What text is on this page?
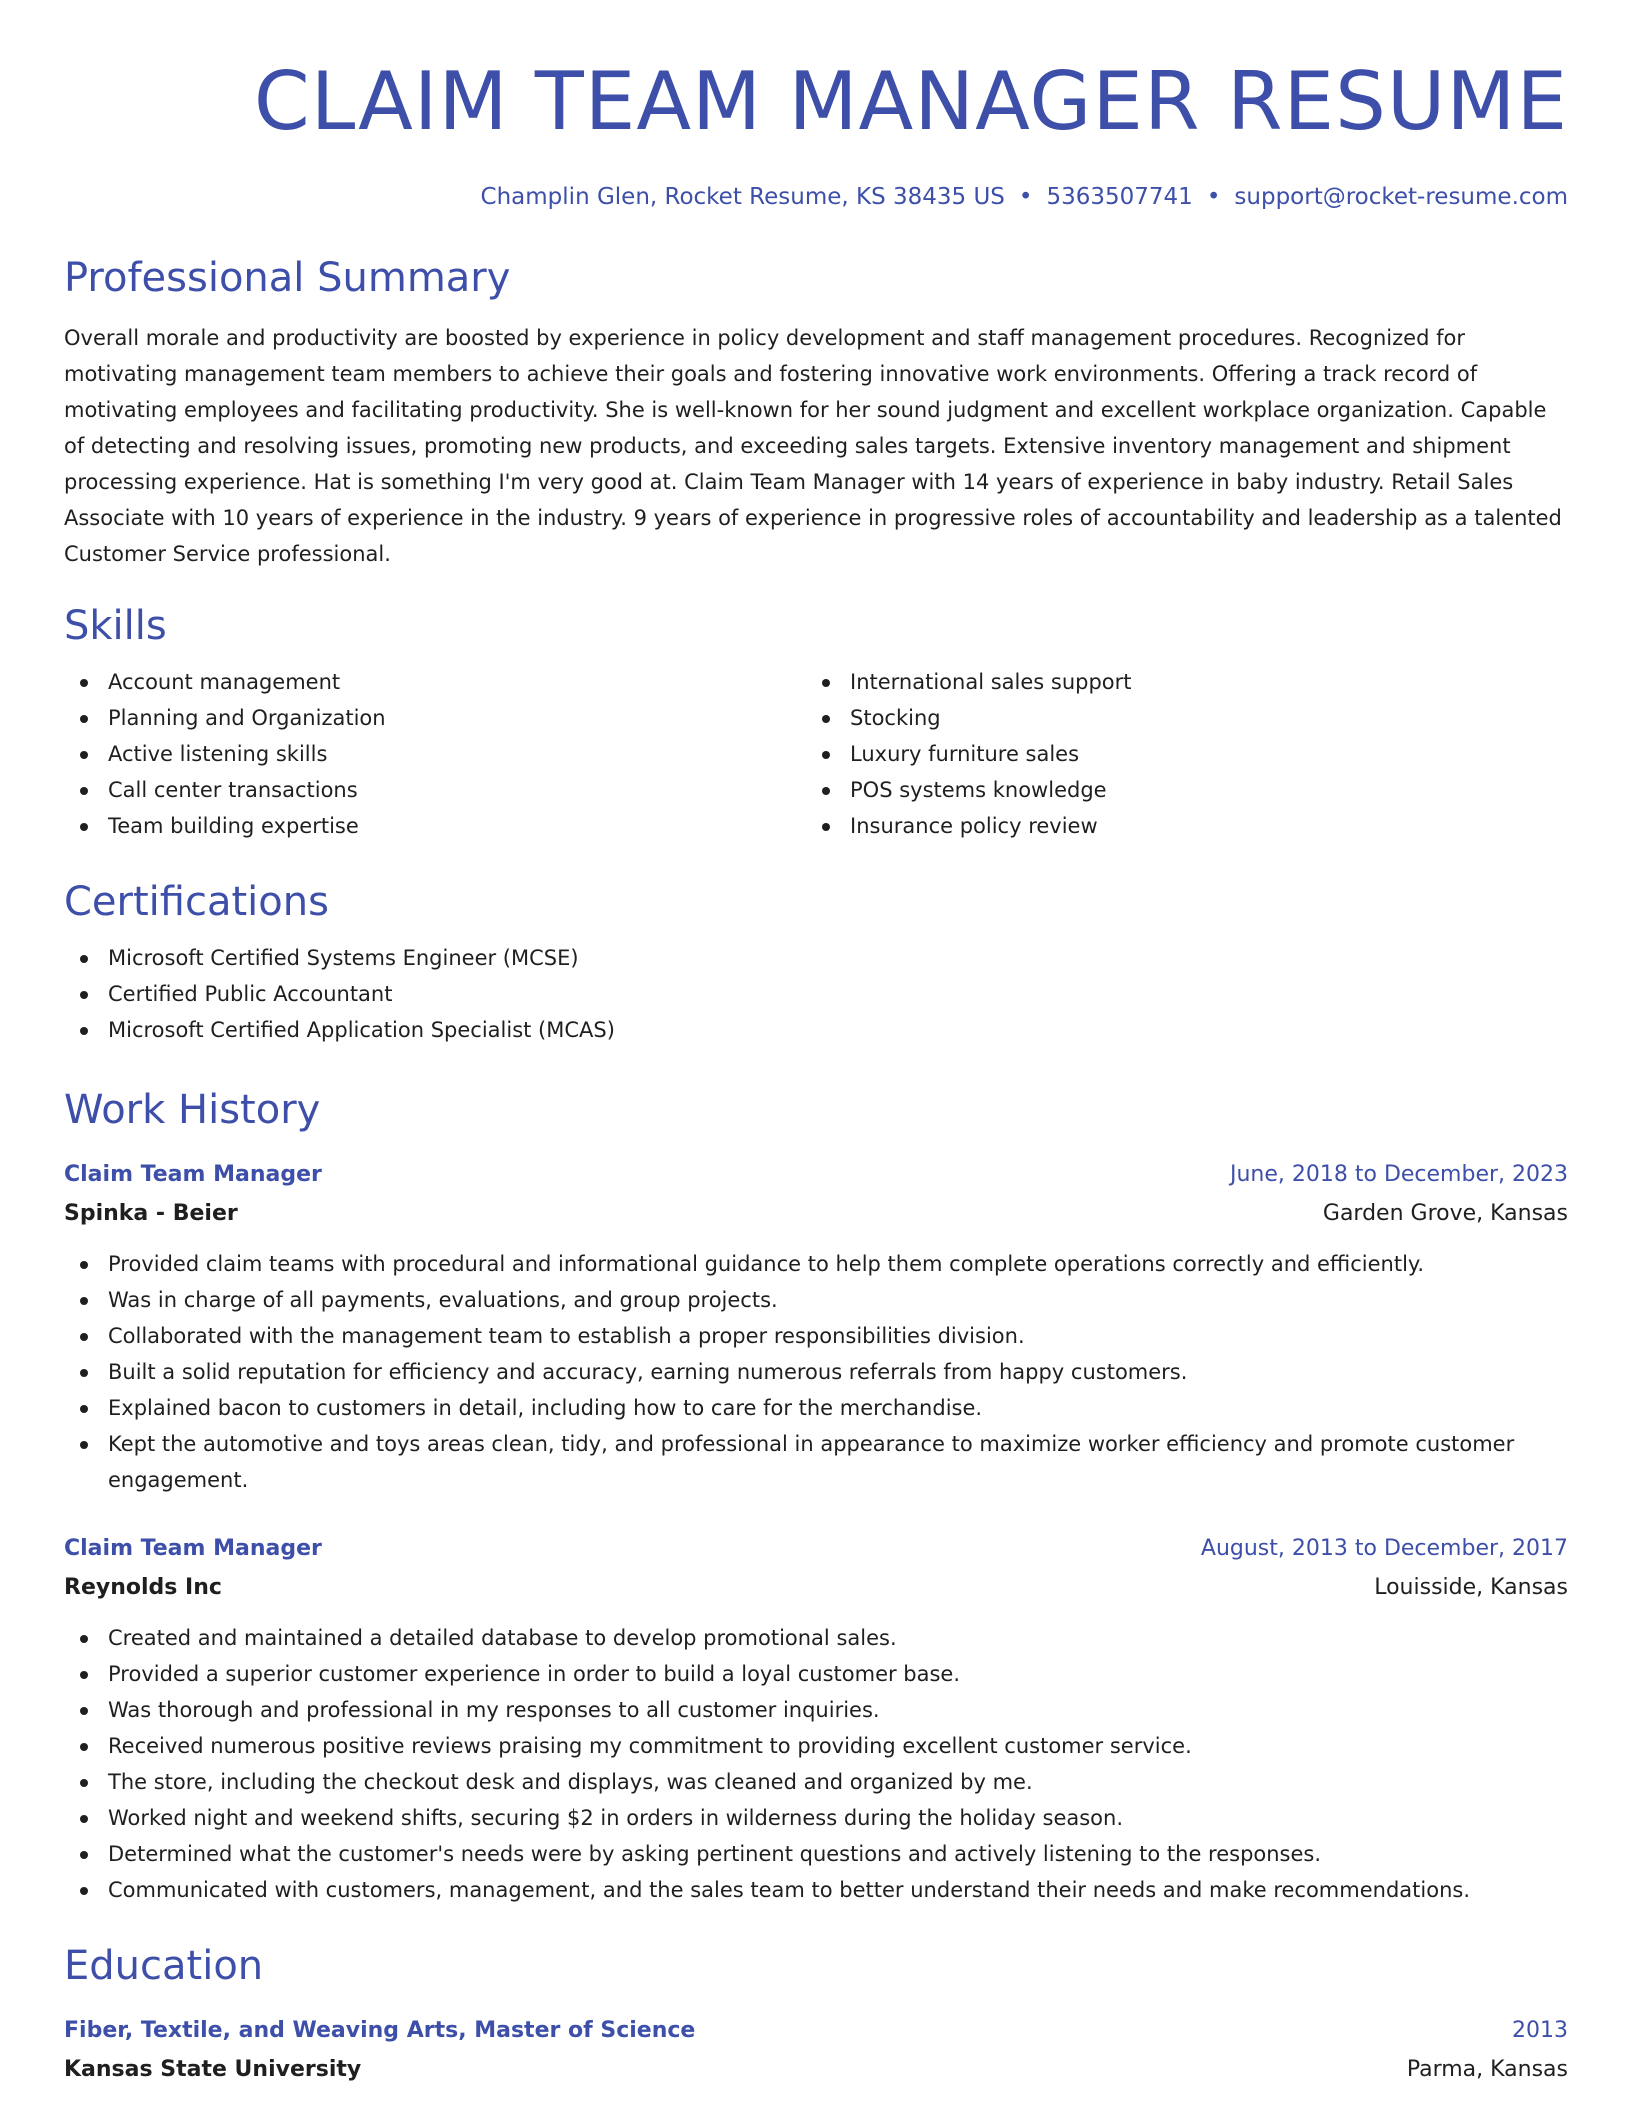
CLAIM TEAM MANAGER RESUME
Champlin Glen, Rocket Resume, KS 38435 US • 5363507741 • support@rocket-resume.com
Professional Summary
Overall morale and productivity are boosted by experience in policy development and staff management procedures. Recognized for motivating management team members to achieve their goals and fostering innovative work environments. Offering a track record of motivating employees and facilitating productivity. She is well-known for her sound judgment and excellent workplace organization. Capable of detecting and resolving issues, promoting new products, and exceeding sales targets. Extensive inventory management and shipment processing experience. Hat is something I'm very good at. Claim Team Manager with 14 years of experience in baby industry. Retail Sales Associate with 10 years of experience in the industry. 9 years of experience in progressive roles of accountability and leadership as a talented Customer Service professional.
Skills
Account management
Planning and Organization
Active listening skills
Call center transactions
Team building expertise
International sales support
Stocking
Luxury furniture sales
POS systems knowledge
Insurance policy review
Certifications
Microsoft Certified Systems Engineer (MCSE)
Certified Public Accountant
Microsoft Certified Application Specialist (MCAS)
Work History
Claim Team Manager	June, 2018 to December, 2023
Spinka - Beier	Garden Grove, Kansas
Provided claim teams with procedural and informational guidance to help them complete operations correctly and efficiently.
Was in charge of all payments, evaluations, and group projects.
Collaborated with the management team to establish a proper responsibilities division.
Built a solid reputation for efficiency and accuracy, earning numerous referrals from happy customers.
Explained bacon to customers in detail, including how to care for the merchandise.
Kept the automotive and toys areas clean, tidy, and professional in appearance to maximize worker efficiency and promote customer engagement.
Claim Team Manager	August, 2013 to December, 2017
Reynolds Inc	Louisside, Kansas
Created and maintained a detailed database to develop promotional sales.
Provided a superior customer experience in order to build a loyal customer base.
Was thorough and professional in my responses to all customer inquiries.
Received numerous positive reviews praising my commitment to providing excellent customer service.
The store, including the checkout desk and displays, was cleaned and organized by me.
Worked night and weekend shifts, securing $2 in orders in wilderness during the holiday season.
Determined what the customer's needs were by asking pertinent questions and actively listening to the responses.
Communicated with customers, management, and the sales team to better understand their needs and make recommendations.
Education
Fiber, Textile, and Weaving Arts, Master of Science	2013
Kansas State University	Parma, Kansas
